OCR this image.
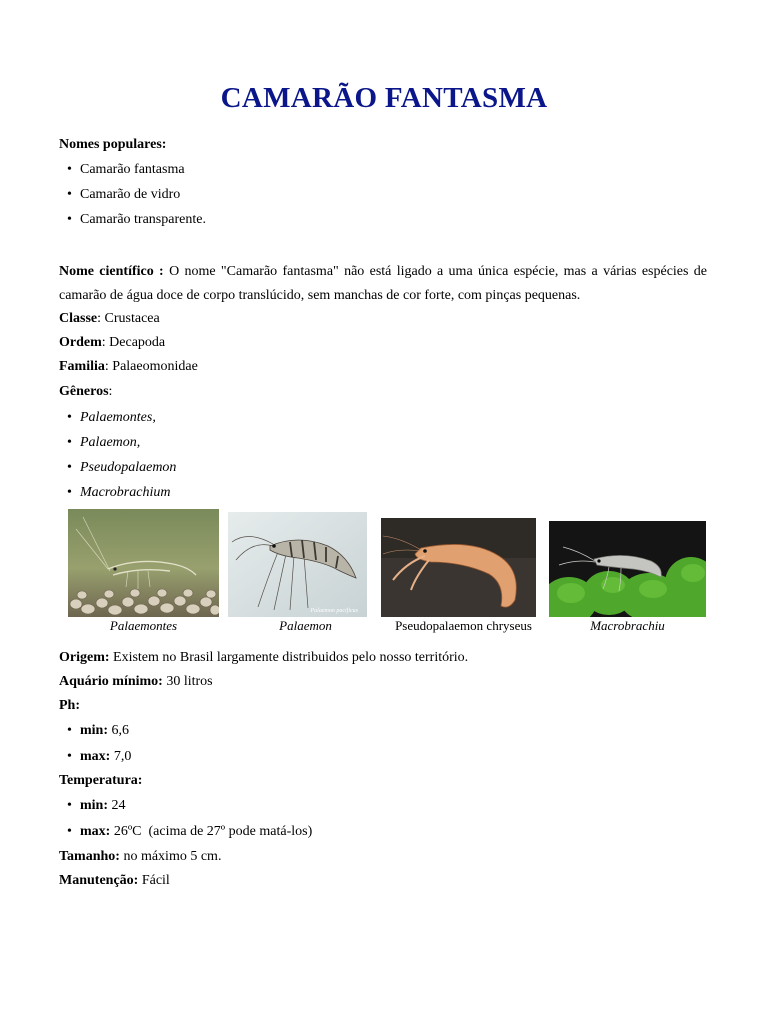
CAMARÃO FANTASMA
Nomes populares:
• Camarão fantasma
• Camarão de vidro
• Camarão transparente.
Nome científico : O nome "Camarão fantasma" não está ligado a uma única espécie, mas a várias espécies de camarão de água doce de corpo translúcido, sem manchas de cor forte, com pinças pequenas.
Classe: Crustacea
Ordem: Decapoda
Familia: Palaeomonidae
Gêneros:
• Palaemontes,
• Palaemon,
• Pseudopalaemon
• Macrobrachium
Palaemon pacificus
Palaemontes	Palaemon	Pseudopalaemon chryseus	Macrobrachiu
Origem: Existem no Brasil largamente distribuidos pelo nosso território.
Aquário mínimo: 30 litros
Ph:
• min: 6,6
• max: 7,0
Temperatura:
• min: 24
• max: 26ºC  (acima de 27º pode matá-los)
Tamanho: no máximo 5 cm.
Manutenção: Fácil
